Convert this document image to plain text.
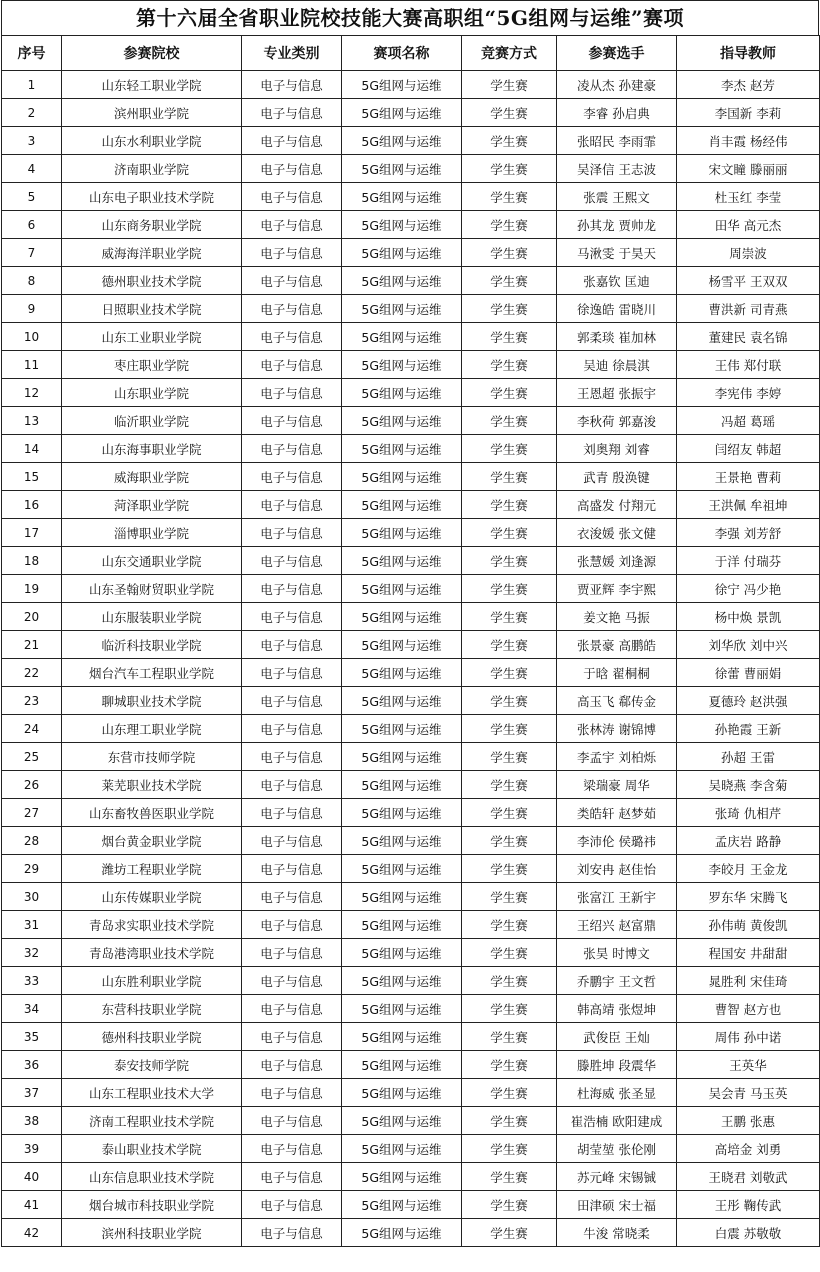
第十六届全省职业院校技能大赛高职组“5G组网与运维”赛项
序号	参赛院校	专业类别	赛项名称	竞赛方式	参赛选手	指导教师
1	山东轻工职业学院	电子与信息	5G组网与运维	学生赛	凌从杰 孙建豪	李杰 赵芳
2	滨州职业学院	电子与信息	5G组网与运维	学生赛	李睿 孙启典	李国新 李莉
3	山东水利职业学院	电子与信息	5G组网与运维	学生赛	张昭民 李雨霏	肖丰霞 杨经伟
4	济南职业学院	电子与信息	5G组网与运维	学生赛	吴泽信 王志波	宋文瞳 滕丽丽
5	山东电子职业技术学院	电子与信息	5G组网与运维	学生赛	张震 王熙文	杜玉红 李莹
6	山东商务职业学院	电子与信息	5G组网与运维	学生赛	孙其龙 贾帅龙	田华 高元杰
7	威海海洋职业学院	电子与信息	5G组网与运维	学生赛	马湫雯 于昊天	周崇波
8	德州职业技术学院	电子与信息	5G组网与运维	学生赛	张嘉钦 匡迪	杨雪平 王双双
9	日照职业技术学院	电子与信息	5G组网与运维	学生赛	徐逸皓 雷晓川	曹洪新 司青燕
10	山东工业职业学院	电子与信息	5G组网与运维	学生赛	郭柔琰 崔加林	董建民 袁名锦
11	枣庄职业学院	电子与信息	5G组网与运维	学生赛	吴迪 徐晨淇	王伟 郑付联
12	山东职业学院	电子与信息	5G组网与运维	学生赛	王恩超 张振宇	李宪伟 李婷
13	临沂职业学院	电子与信息	5G组网与运维	学生赛	李秋荷 郭嘉浚	冯超 葛瑶
14	山东海事职业学院	电子与信息	5G组网与运维	学生赛	刘奥翔 刘睿	闫绍友 韩超
15	威海职业学院	电子与信息	5G组网与运维	学生赛	武青 殷涣键	王景艳 曹莉
16	菏泽职业学院	电子与信息	5G组网与运维	学生赛	高盛发 付翔元	王洪佩 牟祖坤
17	淄博职业学院	电子与信息	5G组网与运维	学生赛	衣浚媛 张文健	李强 刘芳舒
18	山东交通职业学院	电子与信息	5G组网与运维	学生赛	张慧媛 刘逢源	于洋 付瑞芬
19	山东圣翰财贸职业学院	电子与信息	5G组网与运维	学生赛	贾亚辉 李宇熙	徐宁 冯少艳
20	山东服装职业学院	电子与信息	5G组网与运维	学生赛	姜文艳 马振	杨中焕 景凯
21	临沂科技职业学院	电子与信息	5G组网与运维	学生赛	张景豪 高鹏皓	刘华欣 刘中兴
22	烟台汽车工程职业学院	电子与信息	5G组网与运维	学生赛	于晗 翟桐桐	徐蕾 曹丽娟
23	聊城职业技术学院	电子与信息	5G组网与运维	学生赛	高玉飞 郗传金	夏德玲 赵洪强
24	山东理工职业学院	电子与信息	5G组网与运维	学生赛	张林涛 谢锦博	孙艳霞 王新
25	东营市技师学院	电子与信息	5G组网与运维	学生赛	李孟宇 刘柏烁	孙超 王雷
26	莱芜职业技术学院	电子与信息	5G组网与运维	学生赛	梁瑞豪 周华	吴晓燕 李含菊
27	山东畜牧兽医职业学院	电子与信息	5G组网与运维	学生赛	类皓轩 赵梦茹	张琦 仇相芹
28	烟台黄金职业学院	电子与信息	5G组网与运维	学生赛	李沛伦 侯璐祎	孟庆岩 路静
29	潍坊工程职业学院	电子与信息	5G组网与运维	学生赛	刘安冉 赵佳怡	李皎月 王金龙
30	山东传媒职业学院	电子与信息	5G组网与运维	学生赛	张富江 王新宇	罗东华 宋腾飞
31	青岛求实职业技术学院	电子与信息	5G组网与运维	学生赛	王绍兴 赵富鼎	孙伟萌 黄俊凯
32	青岛港湾职业技术学院	电子与信息	5G组网与运维	学生赛	张昊 时博文	程国安 井甜甜
33	山东胜利职业学院	电子与信息	5G组网与运维	学生赛	乔鹏宇 王文哲	晁胜利 宋佳琦
34	东营科技职业学院	电子与信息	5G组网与运维	学生赛	韩高靖 张煜坤	曹智 赵方也
35	德州科技职业学院	电子与信息	5G组网与运维	学生赛	武俊臣 王灿	周伟 孙中诺
36	泰安技师学院	电子与信息	5G组网与运维	学生赛	滕胜坤 段震华	王英华
37	山东工程职业技术大学	电子与信息	5G组网与运维	学生赛	杜海威 张圣显	吴会青 马玉英
38	济南工程职业技术学院	电子与信息	5G组网与运维	学生赛	崔浩楠 欧阳建成	王鹏 张惠
39	泰山职业技术学院	电子与信息	5G组网与运维	学生赛	胡莹堃 张伦刚	高培金 刘勇
40	山东信息职业技术学院	电子与信息	5G组网与运维	学生赛	苏元峰 宋锡铖	王晓君 刘敬武
41	烟台城市科技职业学院	电子与信息	5G组网与运维	学生赛	田津硕 宋士福	王彤 鞠传武
42	滨州科技职业学院	电子与信息	5G组网与运维	学生赛	牛浚 常晓柔	白震 苏敬敬
